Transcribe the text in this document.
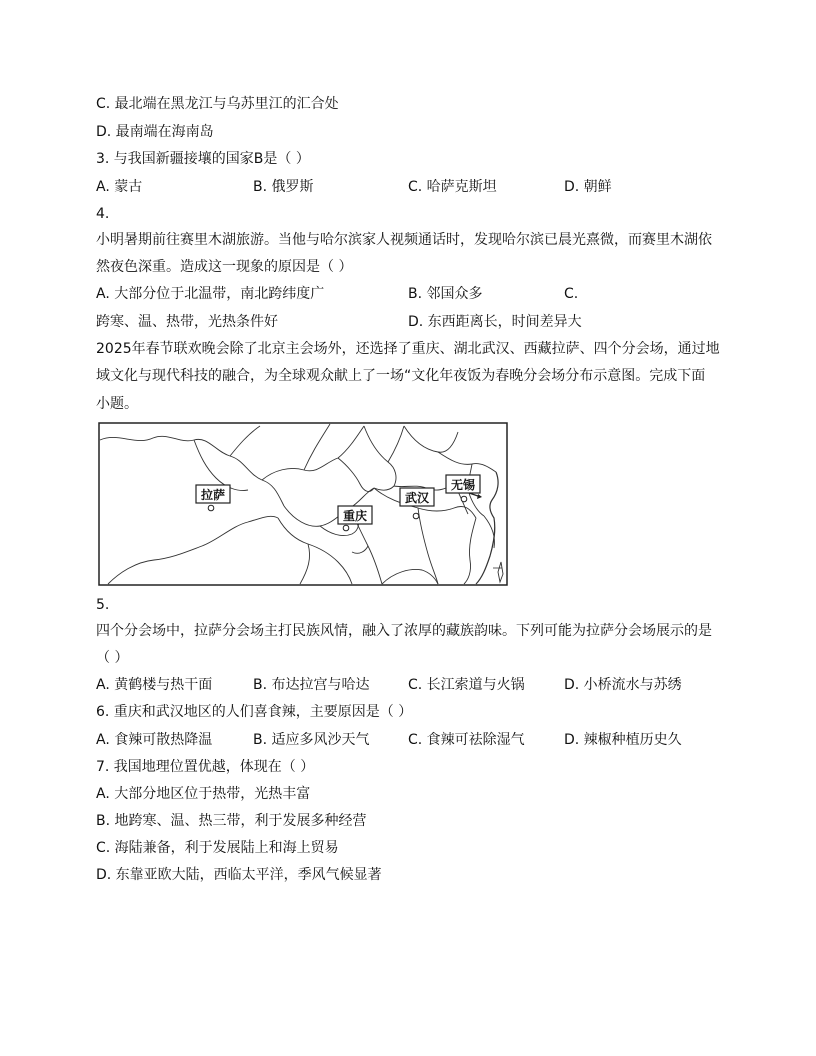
C. 最北端在黑龙江与乌苏里江的汇合处
D. 最南端在海南岛
3. 与我国新疆接壤的国家B是（ ）
A. 蒙古	B. 俄罗斯	C. 哈萨克斯坦	D. 朝鲜
4.
小明暑期前往赛里木湖旅游。当他与哈尔滨家人视频通话时，发现哈尔滨已晨光熹微，而赛里木湖依
然夜色深重。造成这一现象的原因是（ ）
A. 大部分位于北温带，南北跨纬度广	B. 邻国众多	C.
跨寒、温、热带，光热条件好	D. 东西距离长，时间差异大
2025年春节联欢晚会除了北京主会场外，还选择了重庆、湖北武汉、西藏拉萨、四个分会场，通过地
域文化与现代科技的融合，为全球观众献上了一场“文化年夜饭为春晚分会场分布示意图。完成下面
小题。
拉萨
重庆
武汉
无锡
5.
四个分会场中，拉萨分会场主打民族风情，融入了浓厚的藏族韵味。下列可能为拉萨分会场展示的是
（ ）
A. 黄鹤楼与热干面	B. 布达拉宫与哈达	C. 长江索道与火锅	D. 小桥流水与苏绣
6. 重庆和武汉地区的人们喜食辣，主要原因是（ ）
A. 食辣可散热降温	B. 适应多风沙天气	C. 食辣可祛除湿气	D. 辣椒种植历史久
7. 我国地理位置优越，体现在（ ）
A. 大部分地区位于热带，光热丰富
B. 地跨寒、温、热三带，利于发展多种经营
C. 海陆兼备，利于发展陆上和海上贸易
D. 东靠亚欧大陆，西临太平洋，季风气候显著
